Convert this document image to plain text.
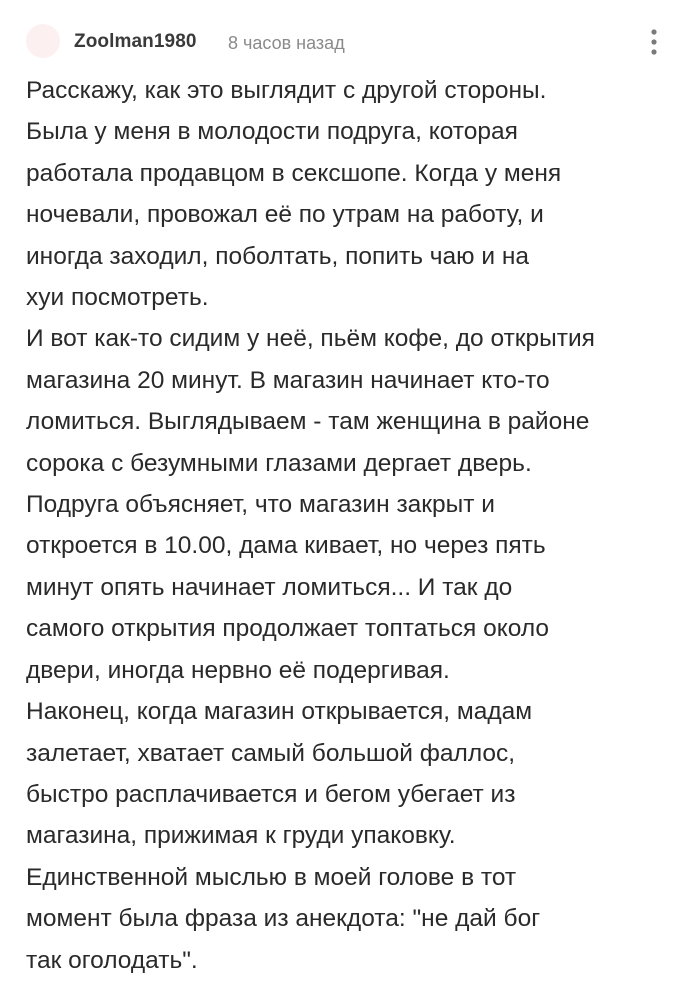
Zoolman1980 8 часов назад
Расскажу, как это выглядит с другой стороны.
Была у меня в молодости подруга, которая
работала продавцом в сексшопе. Когда у меня
ночевали, провожал её по утрам на работу, и
иногда заходил, поболтать, попить чаю и на
хуи посмотреть.
И вот как-то сидим у неё, пьём кофе, до открытия
магазина 20 минут. В магазин начинает кто-то
ломиться. Выглядываем - там женщина в районе
сорока с безумными глазами дергает дверь.
Подруга объясняет, что магазин закрыт и
откроется в 10.00, дама кивает, но через пять
минут опять начинает ломиться... И так до
самого открытия продолжает топтаться около
двери, иногда нервно её подергивая.
Наконец, когда магазин открывается, мадам
залетает, хватает самый большой фаллос,
быстро расплачивается и бегом убегает из
магазина, прижимая к груди упаковку.
Единственной мыслью в моей голове в тот
момент была фраза из анекдота: "не дай бог
так оголодать".
